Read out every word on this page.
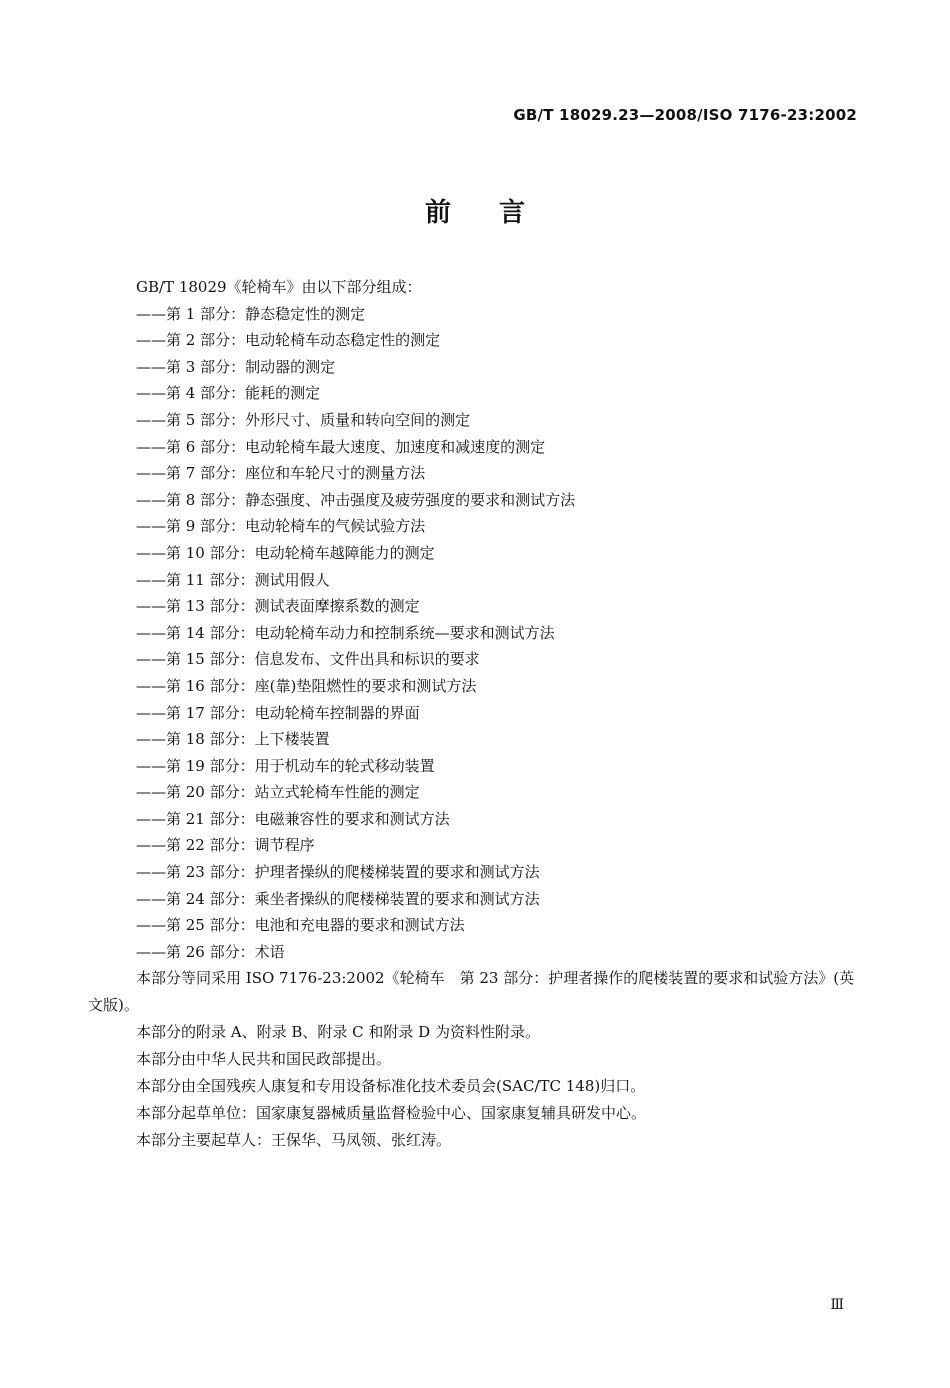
GB/T 18029.23—2008/ISO 7176-23:2002
前言
GB/T 18029《轮椅车》由以下部分组成：
——第 1 部分：静态稳定性的测定
——第 2 部分：电动轮椅车动态稳定性的测定
——第 3 部分：制动器的测定
——第 4 部分：能耗的测定
——第 5 部分：外形尺寸、质量和转向空间的测定
——第 6 部分：电动轮椅车最大速度、加速度和减速度的测定
——第 7 部分：座位和车轮尺寸的测量方法
——第 8 部分：静态强度、冲击强度及疲劳强度的要求和测试方法
——第 9 部分：电动轮椅车的气候试验方法
——第 10 部分：电动轮椅车越障能力的测定
——第 11 部分：测试用假人
——第 13 部分：测试表面摩擦系数的测定
——第 14 部分：电动轮椅车动力和控制系统—要求和测试方法
——第 15 部分：信息发布、文件出具和标识的要求
——第 16 部分：座(靠)垫阻燃性的要求和测试方法
——第 17 部分：电动轮椅车控制器的界面
——第 18 部分：上下楼装置
——第 19 部分：用于机动车的轮式移动装置
——第 20 部分：站立式轮椅车性能的测定
——第 21 部分：电磁兼容性的要求和测试方法
——第 22 部分：调节程序
——第 23 部分：护理者操纵的爬楼梯装置的要求和测试方法
——第 24 部分：乘坐者操纵的爬楼梯装置的要求和测试方法
——第 25 部分：电池和充电器的要求和测试方法
——第 26 部分：术语
本部分等同采用 ISO 7176-23:2002《轮椅车　第 23 部分：护理者操作的爬楼装置的要求和试验方法》(英文版)。
本部分的附录 A、附录 B、附录 C 和附录 D 为资料性附录。
本部分由中华人民共和国民政部提出。
本部分由全国残疾人康复和专用设备标准化技术委员会(SAC/TC 148)归口。
本部分起草单位：国家康复器械质量监督检验中心、国家康复辅具研发中心。
本部分主要起草人：王保华、马凤领、张红涛。
Ⅲ
